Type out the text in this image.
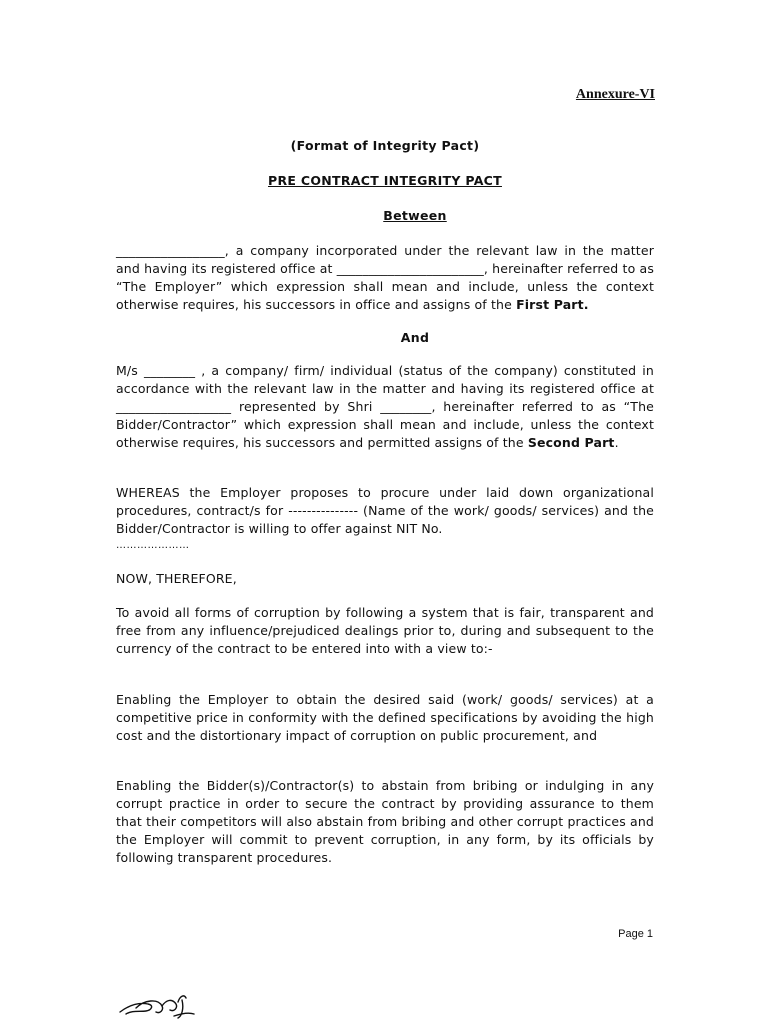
Annexure-VI
(Format of Integrity Pact)
PRE CONTRACT INTEGRITY PACT
Between

_________________, a company incorporated under the relevant law in the matter and having its registered office at _______________________, hereinafter referred to as “The Employer” which expression shall mean and include, unless the context otherwise requires, his successors in office and assigns of the First Part.

And

M/s ________ , a company/ firm/ individual (status of the company) constituted in accordance with the relevant law in the matter and having its registered office at __________________ represented by Shri ________, hereinafter referred to as “The Bidder/Contractor” which expression shall mean and include, unless the context otherwise requires, his successors and permitted assigns of the Second Part.

WHEREAS the Employer proposes to procure under laid down organizational procedures, contract/s for --------------- (Name of the work/ goods/ services) and the Bidder/Contractor is willing to offer against NIT No.

…………………

NOW, THEREFORE,

To avoid all forms of corruption by following a system that is fair, transparent and free from any influence/prejudiced dealings prior to, during and subsequent to the currency of the contract to be entered into with a view to:-

Enabling the Employer to obtain the desired said (work/ goods/ services) at a competitive price in conformity with the defined specifications by avoiding the high cost and the distortionary impact of corruption on public procurement, and

Enabling the Bidder(s)/Contractor(s) to abstain from bribing or indulging in any corrupt practice in order to secure the contract by providing assurance to them that their competitors will also abstain from bribing and other corrupt practices and the Employer will commit to prevent corruption, in any form, by its officials by following transparent procedures.

Page 1
